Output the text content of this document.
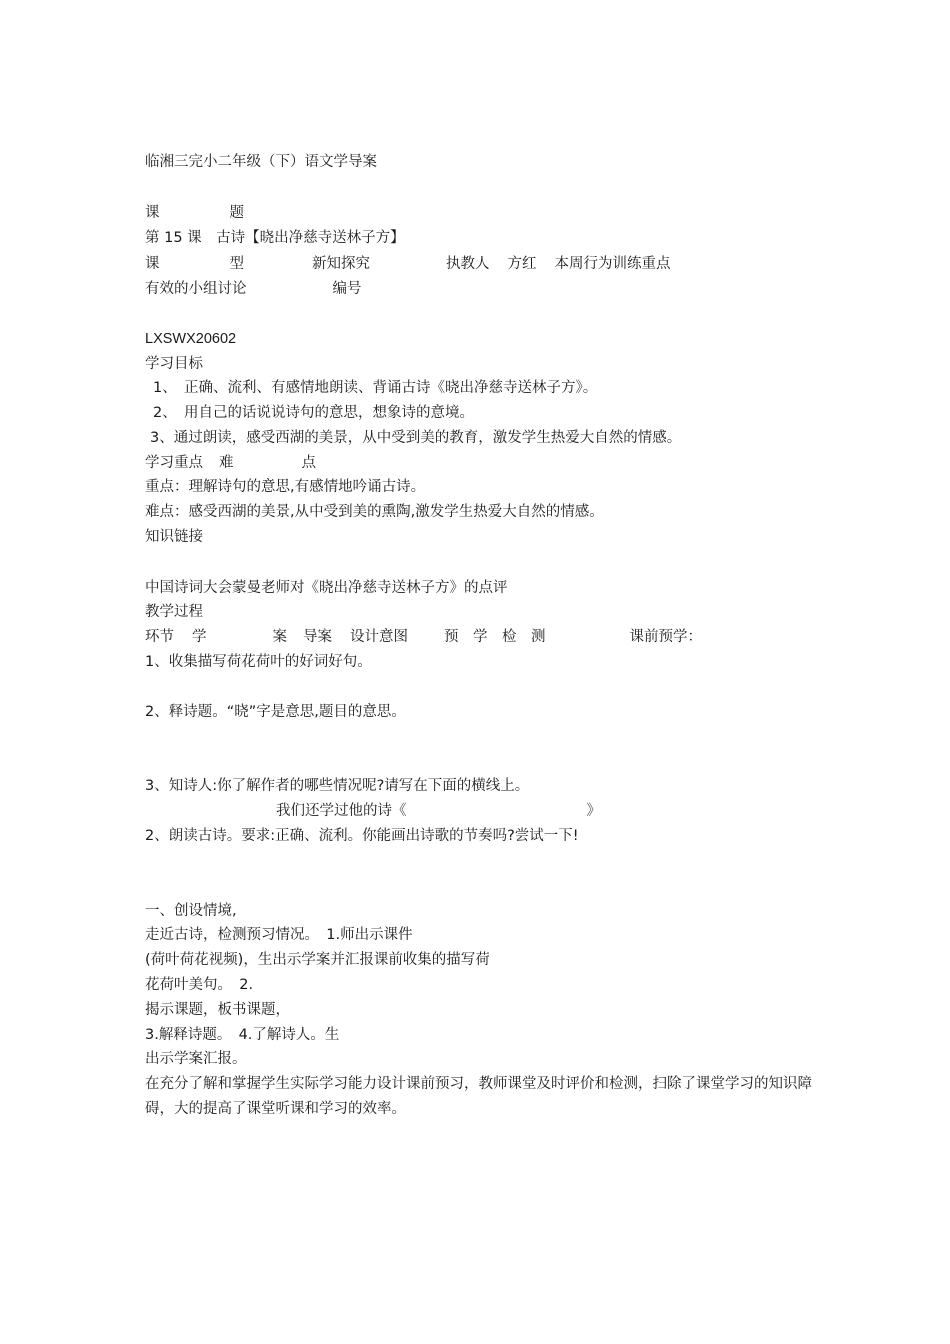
临湘三完小二年级（下）语文学导案
课	题
第 15 课　古诗【晓出净慈寺送林子方】
课	型	新知探究	执教人 方红 本周行为训练重点
有效的小组讨论	编号
LXSWX20602
学习目标
1、　正确、流利、有感情地朗读、背诵古诗《晓出净慈寺送林子方》。
2、　用自己的话说说诗句的意思，想象诗的意境。
3、通过朗读，感受西湖的美景，从中受到美的教育，激发学生热爱大自然的情感。
学习重点 难	点
重点：理解诗句的意思,有感情地吟诵古诗。
难点：感受西湖的美景,从中受到美的熏陶,激发学生热爱大自然的情感。
知识链接
中国诗词大会蒙曼老师对《晓出净慈寺送林子方》的点评
教学过程
环节 学	案 导案 设计意图 预　学　检　测	课前预学：
1、收集描写荷花荷叶的好词好句。
2、释诗题。“晓”字是意思,题目的意思。
3、知诗人:你了解作者的哪些情况呢?请写在下面的横线上。
我们还学过他的诗《	》
2、朗读古诗。要求:正确、流利。你能画出诗歌的节奏吗?尝试一下!
一、创设情境,
走近古诗，检测预习情况。　1.师出示课件
(荷叶荷花视频)，生出示学案并汇报课前收集的描写荷
花荷叶美句。　2.
揭示课题，板书课题，
3.解释诗题。　4.了解诗人。生
出示学案汇报。
在充分了解和掌握学生实际学习能力设计课前预习，教师课堂及时评价和检测，扫除了课堂学习的知识障碍，大的提高了课堂听课和学习的效率。
